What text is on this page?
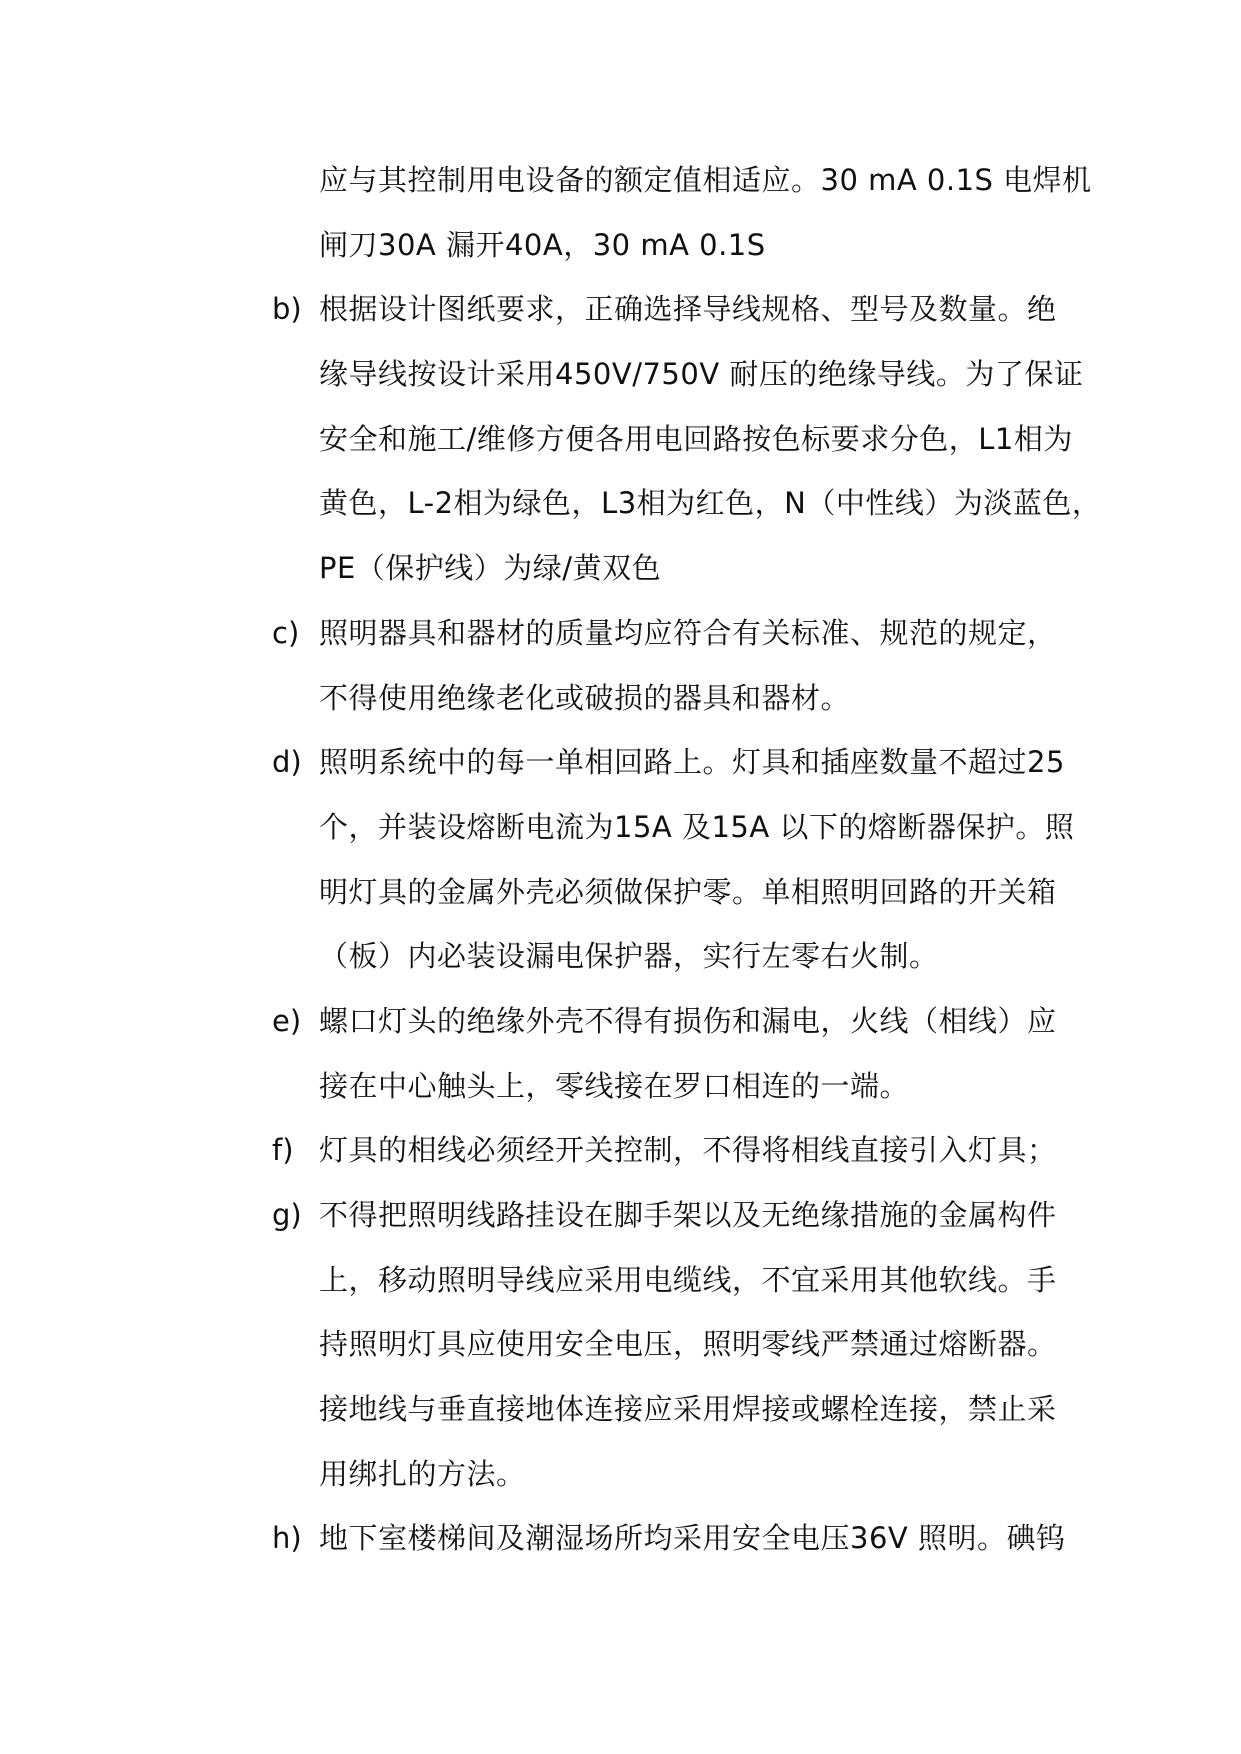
应与其控制用电设备的额定值相适应。30 mA 0.1S 电焊机
闸刀30A 漏开40A，30 mA 0.1S
b) 根据设计图纸要求，正确选择导线规格、型号及数量。绝
缘导线按设计采用450V/750V 耐压的绝缘导线。为了保证
安全和施工/维修方便各用电回路按色标要求分色，L1相为
黄色，L-2相为绿色，L3相为红色，N（中性线）为淡蓝色，
PE（保护线）为绿/黄双色
c) 照明器具和器材的质量均应符合有关标准、规范的规定，
不得使用绝缘老化或破损的器具和器材。
d) 照明系统中的每一单相回路上。灯具和插座数量不超过25
个，并装设熔断电流为15A 及15A 以下的熔断器保护。照
明灯具的金属外壳必须做保护零。单相照明回路的开关箱
（板）内必装设漏电保护器，实行左零右火制。
e) 螺口灯头的绝缘外壳不得有损伤和漏电，火线（相线）应
接在中心触头上，零线接在罗口相连的一端。
f) 灯具的相线必须经开关控制，不得将相线直接引入灯具；
g) 不得把照明线路挂设在脚手架以及无绝缘措施的金属构件
上，移动照明导线应采用电缆线，不宜采用其他软线。手
持照明灯具应使用安全电压，照明零线严禁通过熔断器。
接地线与垂直接地体连接应采用焊接或螺栓连接，禁止采
用绑扎的方法。
h) 地下室楼梯间及潮湿场所均采用安全电压36V 照明。碘钨
